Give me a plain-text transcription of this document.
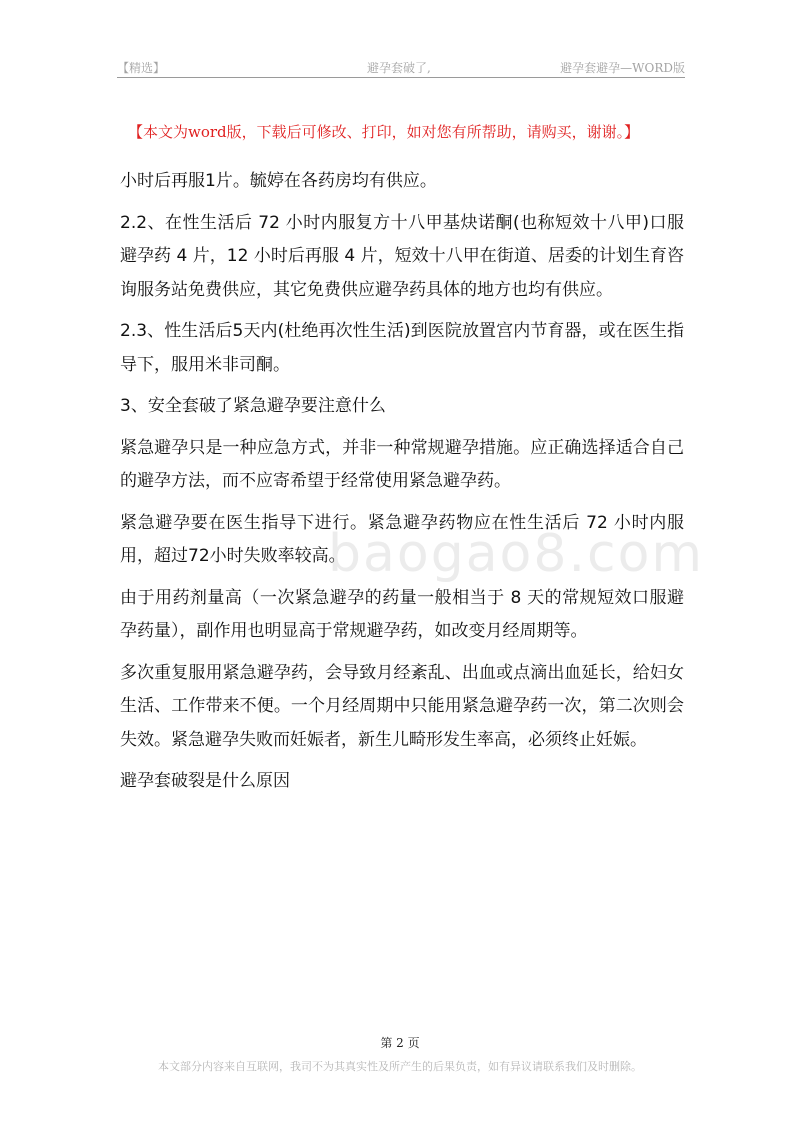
【精选】	避孕套破了,	避孕套避孕—WORD版
【本文为word版，下载后可修改、打印，如对您有所帮助，请购买，谢谢。】
baogao8.com

小时后再服1片。毓婷在各药房均有供应。

2.2、在性生活后 72 小时内服复方十八甲基炔诺酮(也称短效十八甲)口服避孕药 4 片，12 小时后再服 4 片，短效十八甲在街道、居委的计划生育咨询服务站免费供应，其它免费供应避孕药具体的地方也均有供应。

2.3、性生活后5天内(杜绝再次性生活)到医院放置宫内节育器，或在医生指导下，服用米非司酮。

3、安全套破了紧急避孕要注意什么

紧急避孕只是一种应急方式，并非一种常规避孕措施。应正确选择适合自己的避孕方法，而不应寄希望于经常使用紧急避孕药。

紧急避孕要在医生指导下进行。紧急避孕药物应在性生活后 72 小时内服用，超过72小时失败率较高。

由于用药剂量高（一次紧急避孕的药量一般相当于 8 天的常规短效口服避孕药量），副作用也明显高于常规避孕药，如改变月经周期等。

多次重复服用紧急避孕药，会导致月经紊乱、出血或点滴出血延长，给妇女生活、工作带来不便。一个月经周期中只能用紧急避孕药一次，第二次则会失效。紧急避孕失败而妊娠者，新生儿畸形发生率高，必须终止妊娠。

避孕套破裂是什么原因

第 2 页
本文部分内容来自互联网，我司不为其真实性及所产生的后果负责，如有异议请联系我们及时删除。
